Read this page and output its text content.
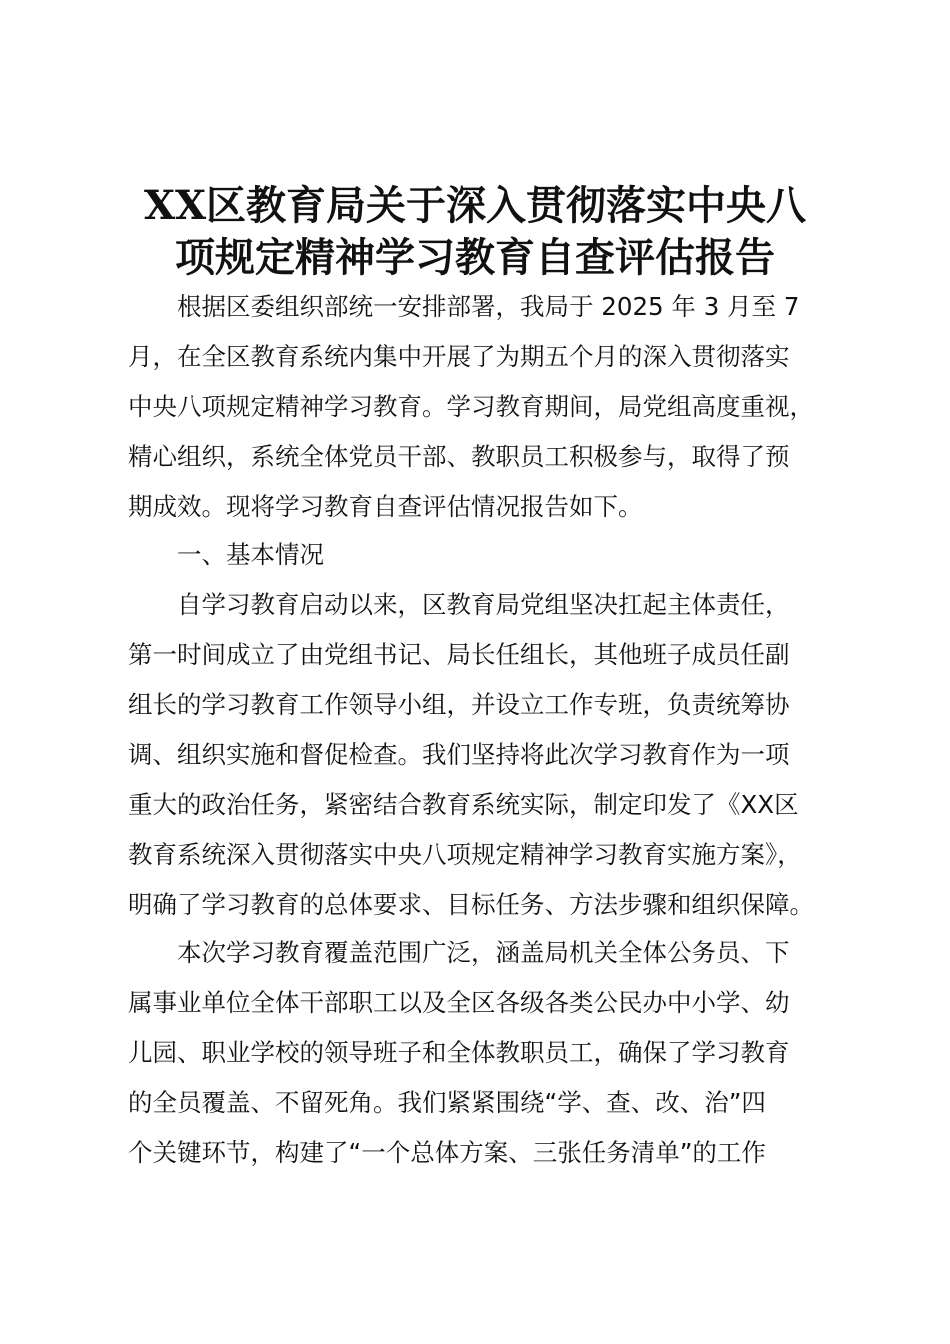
XX区教育局关于深入贯彻落实中央八
项规定精神学习教育自查评估报告
　　根据区委组织部统一安排部署，我局于 2025 年 3 月至 7
月，在全区教育系统内集中开展了为期五个月的深入贯彻落实
中央八项规定精神学习教育。学习教育期间，局党组高度重视，
精心组织，系统全体党员干部、教职员工积极参与，取得了预
期成效。现将学习教育自查评估情况报告如下。
　　一、基本情况
　　自学习教育启动以来，区教育局党组坚决扛起主体责任，
第一时间成立了由党组书记、局长任组长，其他班子成员任副
组长的学习教育工作领导小组，并设立工作专班，负责统筹协
调、组织实施和督促检查。我们坚持将此次学习教育作为一项
重大的政治任务，紧密结合教育系统实际，制定印发了《XX区
教育系统深入贯彻落实中央八项规定精神学习教育实施方案》，
明确了学习教育的总体要求、目标任务、方法步骤和组织保障。
　　本次学习教育覆盖范围广泛，涵盖局机关全体公务员、下
属事业单位全体干部职工以及全区各级各类公民办中小学、幼
儿园、职业学校的领导班子和全体教职员工，确保了学习教育
的全员覆盖、不留死角。我们紧紧围绕“学、查、改、治”四
个关键环节，构建了“一个总体方案、三张任务清单”的工作
